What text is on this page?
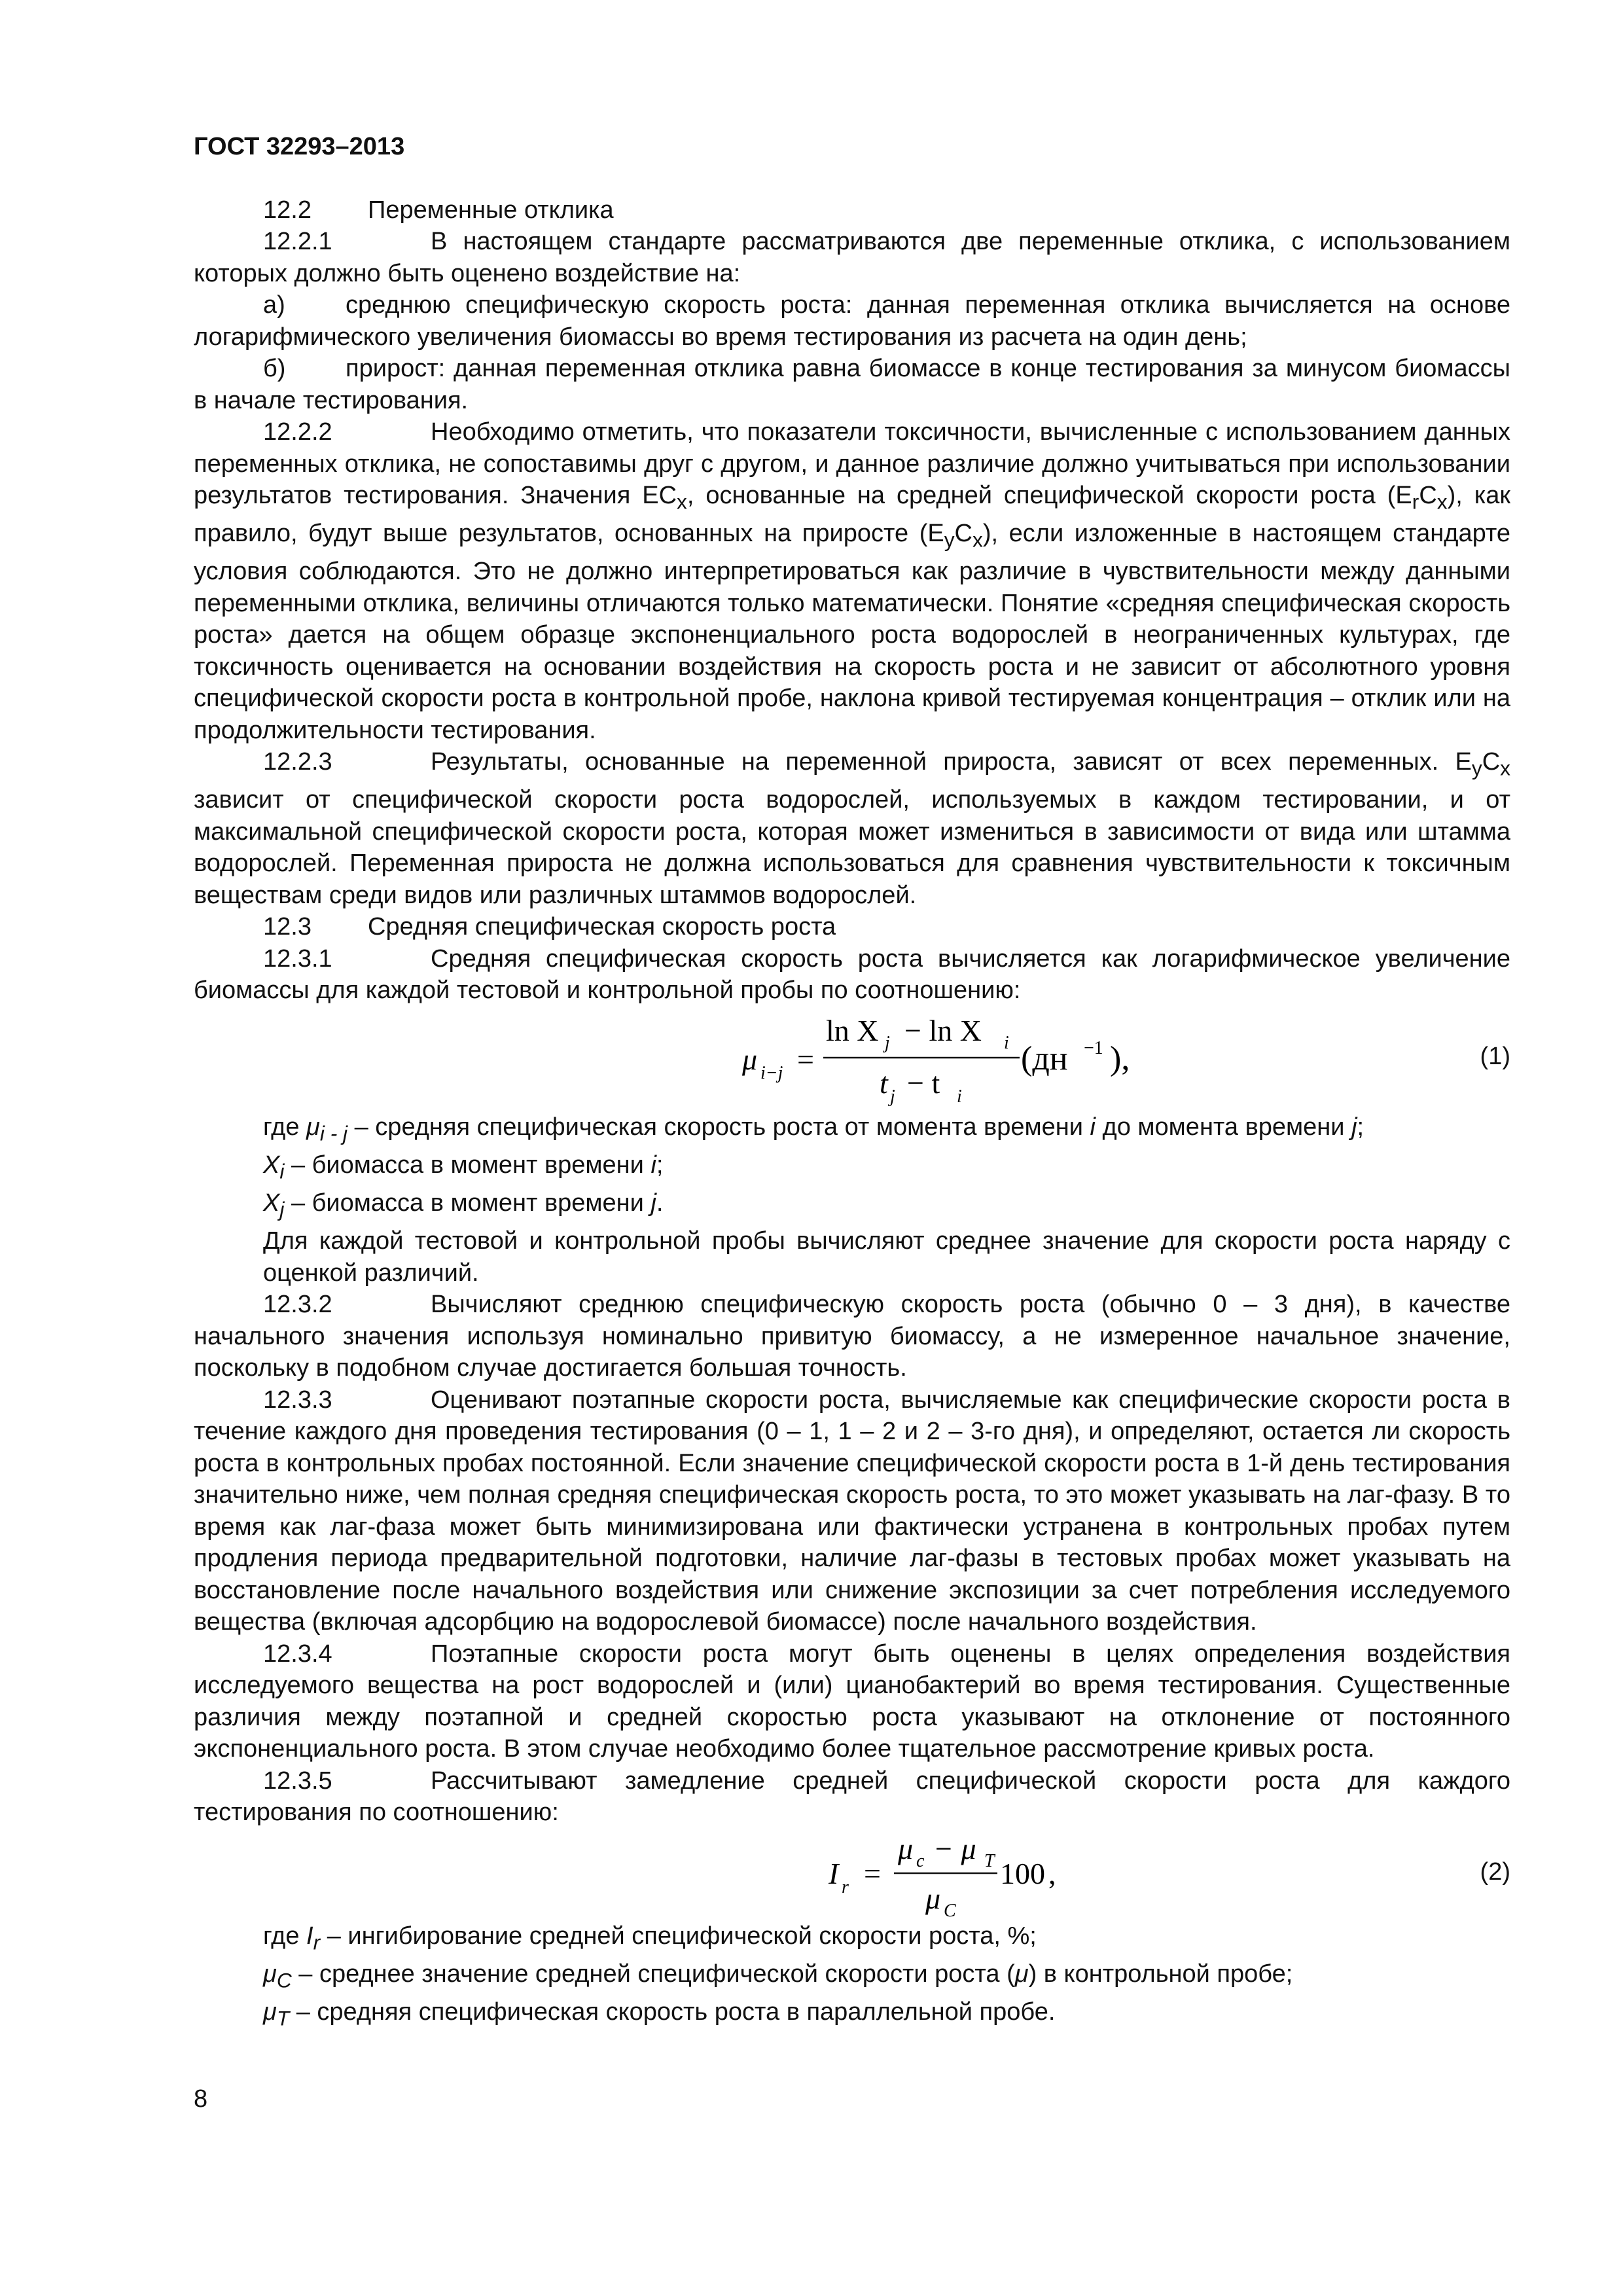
ГОСТ 32293–2013

12.2 Переменные отклика

12.2.1	В настоящем стандарте рассматриваются две переменные отклика, с использованием которых должно быть оценено воздействие на:

а) среднюю специфическую скорость роста: данная переменная отклика вычисляется на основе логарифмического увеличения биомассы во время тестирования из расчета на один день;

б) прирост: данная переменная отклика равна биомассе в конце тестирования за минусом биомассы в начале тестирования.

12.2.2	Необходимо отметить, что показатели токсичности, вычисленные с использованием данных переменных отклика, не сопоставимы друг с другом, и данное различие должно учитываться при использовании результатов тестирования. Значения $EC_x$, основанные на средней специфической скорости роста $(E_rC_x)$, как правило, будут выше результатов, основанных на приросте $(E_yC_x)$, если изложенные в настоящем стандарте условия соблюдаются. Это не должно интерпретироваться как различие в чувствительности между данными переменными отклика, величины отличаются только математически. Понятие «средняя специфическая скорость роста» дается на общем образце экспоненциального роста водорослей в неограниченных культурах, где токсичность оценивается на основании воздействия на скорость роста и не зависит от абсолютного уровня специфической скорости роста в контрольной пробе, наклона кривой тестируемая концентрация – отклик или на продолжительности тестирования.

12.2.3	Результаты, основанные на переменной прироста, зависят от всех переменных. $E_yC_x$ зависит от специфической скорости роста водорослей, используемых в каждом тестировании, и от максимальной специфической скорости роста, которая может измениться в зависимости от вида или штамма водорослей. Переменная прироста не должна использоваться для сравнения чувствительности к токсичным веществам среди видов или различных штаммов водорослей.

12.3 Средняя специфическая скорость роста

12.3.1	Средняя специфическая скорость роста вычисляется как логарифмическое увеличение биомассы для каждой тестовой и контрольной пробы по соотношению:

μ i−j =
ln X j − ln X i
t j − t i
(дн −1 ),	(1)

где $\mu_{i - j}$ – средняя специфическая скорость роста от момента времени i до момента времени j;

$X_i$ – биомасса в момент времени i;

$X_j$ – биомасса в момент времени j.

Для каждой тестовой и контрольной пробы вычисляют среднее значение для скорости роста наряду с оценкой различий.

12.3.2	Вычисляют среднюю специфическую скорость роста (обычно 0 – 3 дня), в качестве начального значения используя номинально привитую биомассу, а не измеренное начальное значение, поскольку в подобном случае достигается большая точность.

12.3.3	Оценивают поэтапные скорости роста, вычисляемые как специфические скорости роста в течение каждого дня проведения тестирования (0 – 1, 1 – 2 и 2 – 3-го дня), и определяют, остается ли скорость роста в контрольных пробах постоянной. Если значение специфической скорости роста в 1-й день тестирования значительно ниже, чем полная средняя специфическая скорость роста, то это может указывать на лаг-фазу. В то время как лаг-фаза может быть минимизирована или фактически устранена в контрольных пробах путем продления периода предварительной подготовки, наличие лаг-фазы в тестовых пробах может указывать на восстановление после начального воздействия или снижение экспозиции за счет потребления исследуемого вещества (включая адсорбцию на водорослевой биомассе) после начального воздействия.

12.3.4	Поэтапные скорости роста могут быть оценены в целях определения воздействия исследуемого вещества на рост водорослей и (или) цианобактерий во время тестирования. Существенные различия между поэтапной и средней скоростью роста указывают на отклонение от постоянного экспоненциального роста. В этом случае необходимо более тщательное рассмотрение кривых роста.

12.3.5	Рассчитывают замедление средней специфической скорости роста для каждого тестирования по соотношению:

I r =
μ c − μ T 100 ,
μ C
(2)

где $I_r$ – ингибирование средней специфической скорости роста, %;

$\mu_C$ – среднее значение средней специфической скорости роста (μ) в контрольной пробе;

$\mu_T$ – средняя специфическая скорость роста в параллельной пробе.

8
